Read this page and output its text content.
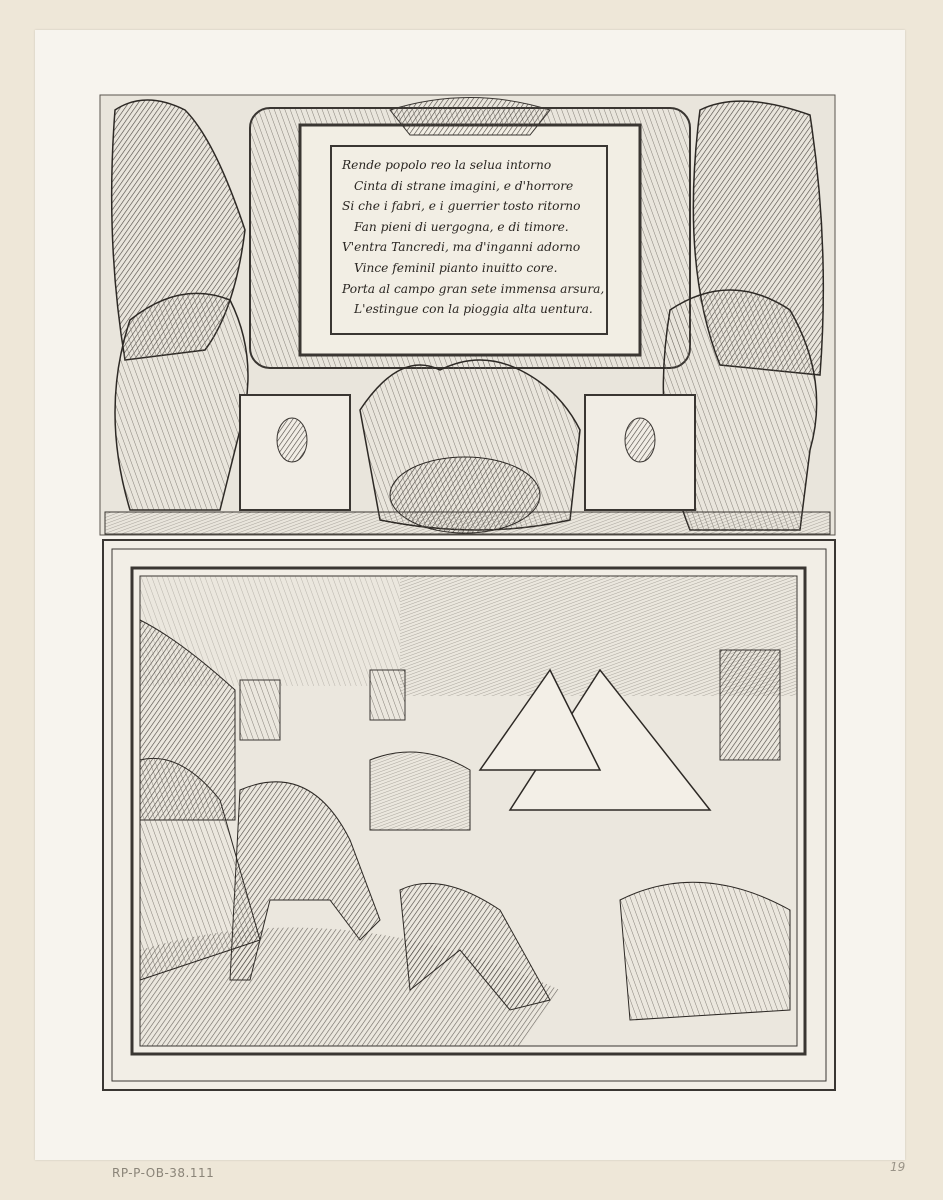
Rende popolo reo la selua intorno
Cinta di strane imagini, e d'horrore
Si che i fabri, e i guerrier tosto ritorno
Fan pieni di uergogna, e di timore.
V'entra Tancredi, ma d'inganni adorno
Vince feminil pianto inuitto core.
Porta al campo gran sete immensa arsura,
L'estingue con la pioggia alta uentura.
RP-P-OB-38.111	19
